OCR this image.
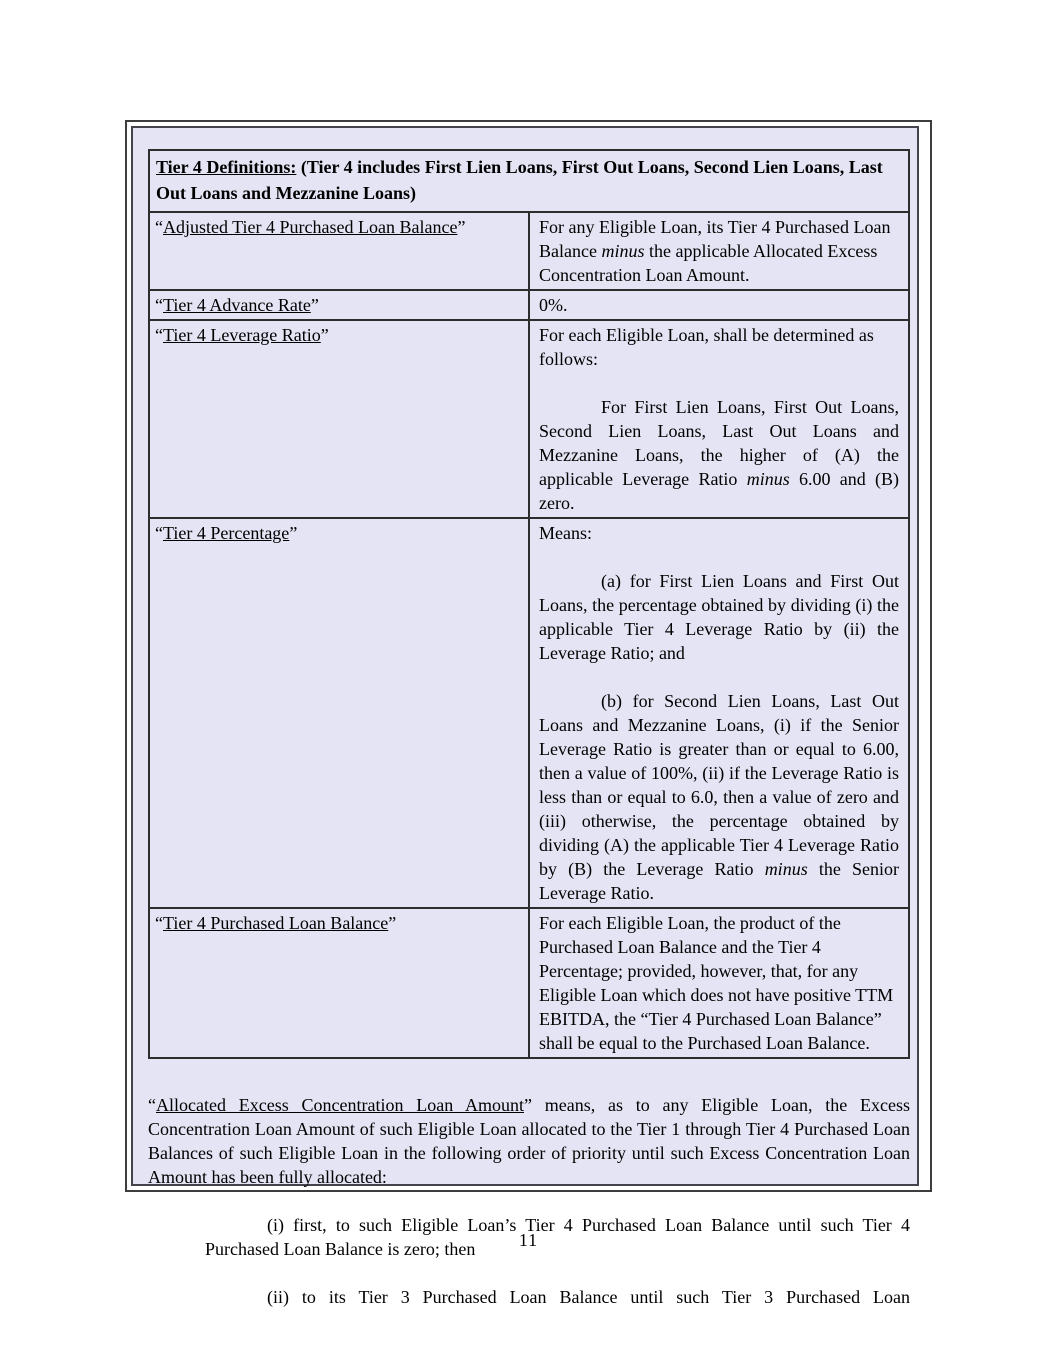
Tier 4 Definitions: (Tier 4 includes First Lien Loans, First Out Loans, Second Lien Loans, Last Out Loans and Mezzanine Loans)	
“Adjusted Tier 4 Purchased Loan Balance”	For any Eligible Loan, its Tier 4 Purchased Loan Balance minus the applicable Allocated Excess Concentration Loan Amount.

“Tier 4 Advance Rate”	0%.

“Tier 4 Leverage Ratio”	For each Eligible Loan, shall be determined as follows:

For First Lien Loans, First Out Loans, Second Lien Loans, Last Out Loans and Mezzanine Loans, the higher of (A) the applicable Leverage Ratio minus 6.00 and (B) zero.

“Tier 4 Percentage”	Means:

(a) for First Lien Loans and First Out Loans, the percentage obtained by dividing (i) the applicable Tier 4 Leverage Ratio by (ii) the Leverage Ratio; and

(b) for Second Lien Loans, Last Out Loans and Mezzanine Loans, (i) if the Senior Leverage Ratio is greater than or equal to 6.00, then a value of 100%, (ii) if the Leverage Ratio is less than or equal to 6.0, then a value of zero and (iii) otherwise, the percentage obtained by dividing (A) the applicable Tier 4 Leverage Ratio by (B) the Leverage Ratio minus the Senior Leverage Ratio.

“Tier 4 Purchased Loan Balance”	For each Eligible Loan, the product of the Purchased Loan Balance and the Tier 4 Percentage; provided, however, that, for any Eligible Loan which does not have positive TTM EBITDA, the “Tier 4 Purchased Loan Balance” shall be equal to the Purchased Loan Balance.

“Allocated Excess Concentration Loan Amount” means, as to any Eligible Loan, the Excess Concentration Loan Amount of such Eligible Loan allocated to the Tier 1 through Tier 4 Purchased Loan Balances of such Eligible Loan in the following order of priority until such Excess Concentration Loan Amount has been fully allocated:

(i) first, to such Eligible Loan’s Tier 4 Purchased Loan Balance until such Tier 4 Purchased Loan Balance is zero; then

(ii) to its Tier 3 Purchased Loan Balance until such Tier 3 Purchased Loan

11
